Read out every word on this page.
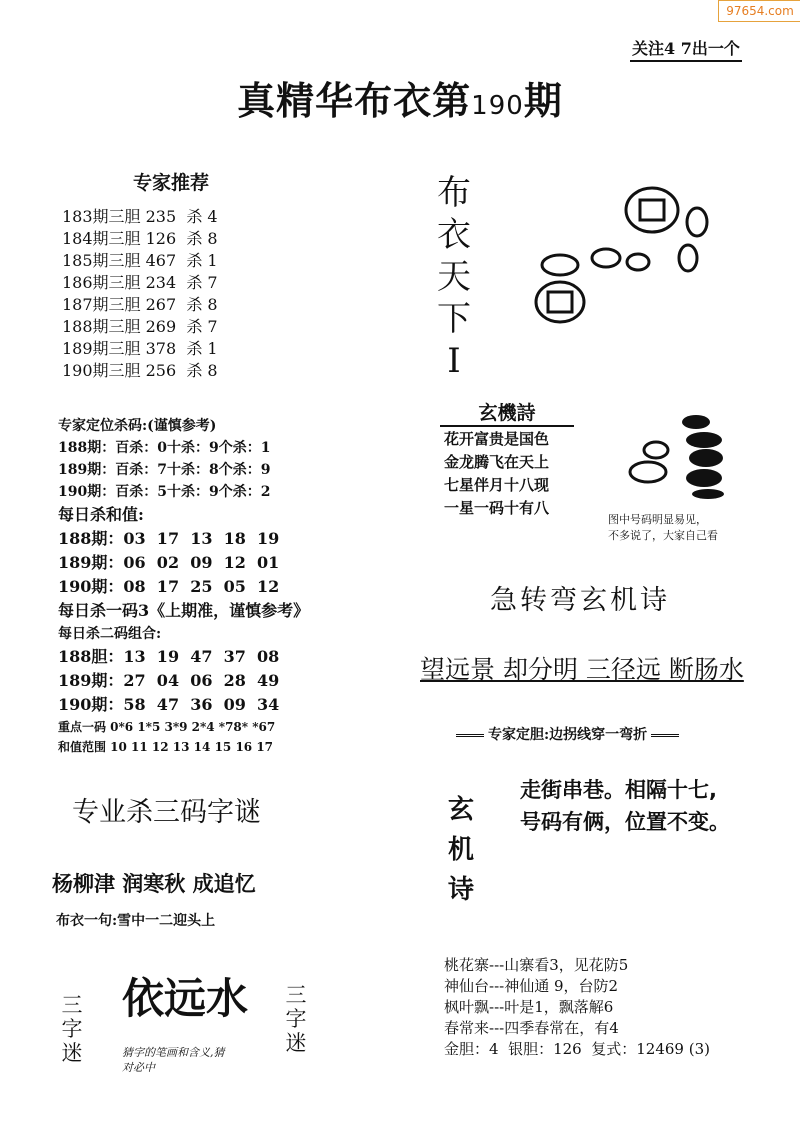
97654.com
关注4 7出一个
真精华布衣第190期
专家推荐
183期三胆 235  杀 4
184期三胆 126  杀 8
185期三胆 467  杀 1
186期三胆 234  杀 7
187期三胆 267  杀 8
188期三胆 269  杀 7
189期三胆 378  杀 1
190期三胆 256  杀 8
专家定位杀码:(谨慎参考)
188期：百杀：0十杀：9个杀：1
189期：百杀：7十杀：8个杀：9
190期：百杀：5十杀：9个杀：2
每日杀和值:
188期：03  17  13  18  19
189期：06  02  09  12  01
190期：08  17  25  05  12
每日杀一码3《上期准，谨慎参考》
每日杀二码组合:
188胆：13  19  47  37  08
189期：27  04  06  28  49
190期：58  47  36  09  34
重点一码 0*6 1*5 3*9 2*4 *78* *67
和值范围 10 11 12 13 14 15 16 17
布
衣
天
下
I
玄機詩
花开富贵是国色
金龙腾飞在天上
七星伴月十八现
一星一码十有八
图中号码明显易见，
不多说了，大家自己看
急转弯玄机诗
望远景 却分明 三径远 断肠水
专家定胆:边拐线穿一弯折
玄
机
诗
走街串巷。相隔十七,
号码有俩，位置不变。
桃花寨---山寨看3，见花防5
神仙台---神仙通 9，台防2
枫叶飘---叶是1，飘落解6
春常来---四季春常在，有4
金胆：4  银胆：126  复式：12469 (3)
专业杀三码字谜
杨柳津 润寒秋 成追忆
布衣一句:雪中一二迎头上
三
字
迷
依远水
猜字的笔画和含义,猜
对必中
三
字
迷
